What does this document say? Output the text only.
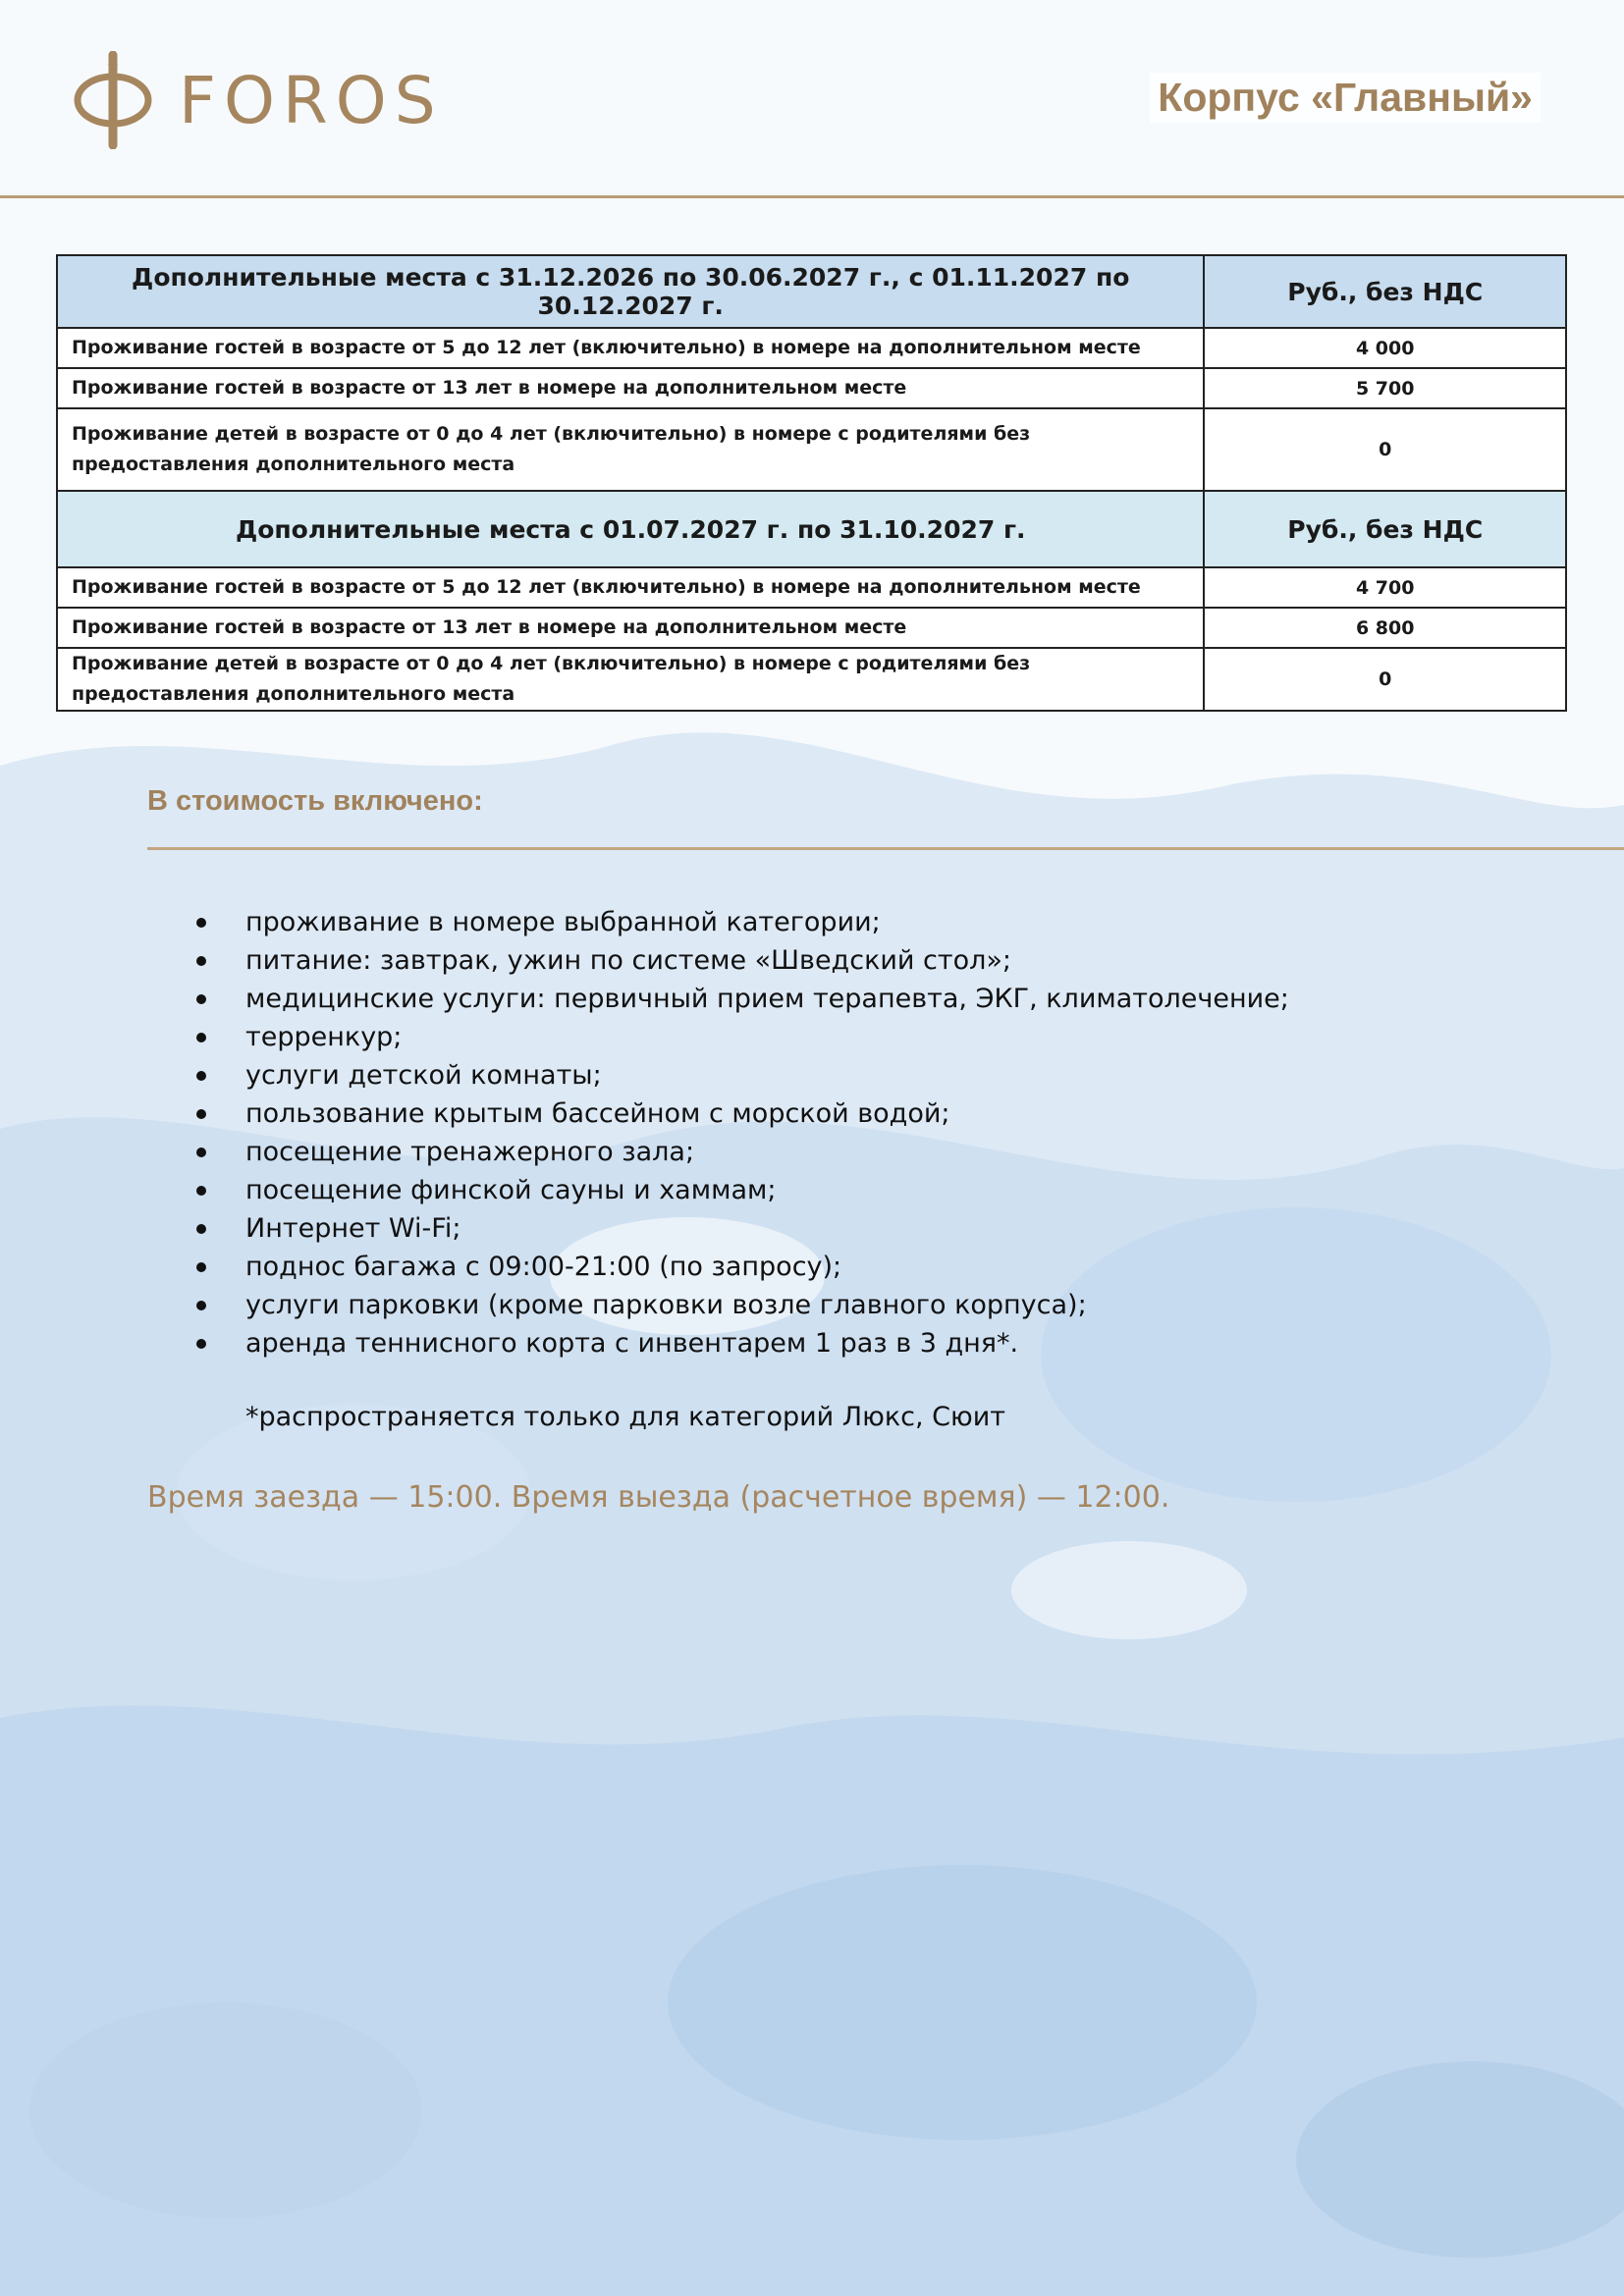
FOROS	Корпус «Главный»
Дополнительные места с 31.12.2026 по 30.06.2027 г., с 01.11.2027 по 30.12.2027 г.	Руб., без НДС
Проживание гостей в возрасте от 5 до 12 лет (включительно) в номере на дополнительном месте	4 000
Проживание гостей в возрасте от 13 лет в номере на дополнительном месте	5 700
Проживание детей в возрасте от 0 до 4 лет (включительно) в номере с родителями без предоставления дополнительного места	0
Дополнительные места с 01.07.2027 г. по 31.10.2027 г.	Руб., без НДС
Проживание гостей в возрасте от 5 до 12 лет (включительно) в номере на дополнительном месте	4 700
Проживание гостей в возрасте от 13 лет в номере на дополнительном месте	6 800
Проживание детей в возрасте от 0 до 4 лет (включительно) в номере с родителями без предоставления дополнительного места	0
В стоимость включено:
проживание в номере выбранной категории;
питание: завтрак, ужин по системе «Шведский стол»;
медицинские услуги: первичный прием терапевта, ЭКГ, климатолечение;
терренкур;
услуги детской комнаты;
пользование крытым бассейном с морской водой;
посещение тренажерного зала;
посещение финской сауны и хаммам;
Интернет Wi-Fi;
поднос багажа с 09:00-21:00 (по запросу);
услуги парковки (кроме парковки возле главного корпуса);
аренда теннисного корта с инвентарем 1 раз в 3 дня*.
*распространяется только для категорий Люкс, Сюит
Время заезда — 15:00. Время выезда (расчетное время) — 12:00.
